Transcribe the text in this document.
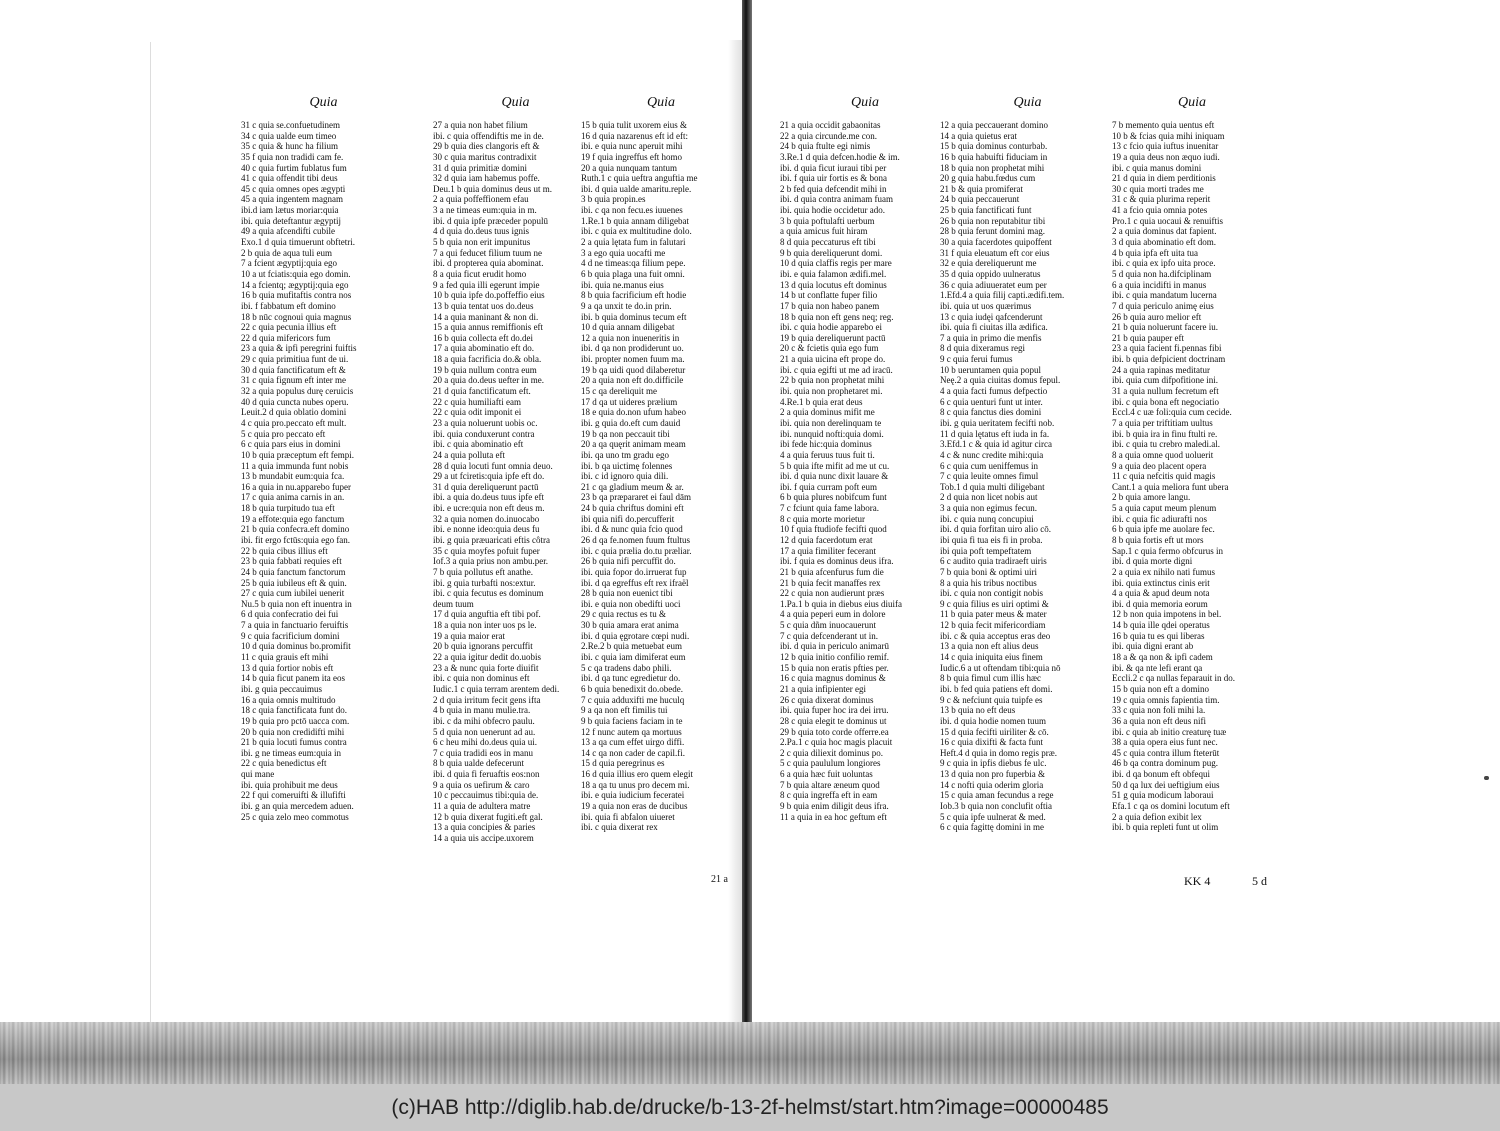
Quia
31 c quia se.confuetudinem
34 c quia ualde eum timeo
35 c quia & hunc ha filium
35 f quia non tradidi cam fe.
40 c quia furtim fublatus fum
41 c quia offendit tibi deus
45 c quia omnes opes ægypti
45 a quia ingentem magnam
ibi.d iam lætus moriar:quia
ibi. quia deteftantur ægyptij
49 a quia afcendifti cubile
Exo.1 d quia timuerunt obftetri.
2 b quia de aqua tuli eum
7 a fcient ægyptij:quia ego
10 a ut fciatis:quia ego domin.
14 a fcientq; ægyptij:quia ego
16 b quia mufitaftis contra nos
ibi. f fabbatum eft domino
18 b nūc cognoui quia magnus
22 c quia pecunia illius eft
22 d quia mifericors fum
23 a quia & ipfi peregrini fuiftis
29 c quia primitiua funt de ui.
30 d quia fanctificatum eft &
31 c quia fignum eft inter me
32 a quia populus durę ceruicis
40 d quia cuncta nubes operu.
Leuit.2 d quia oblatio domini
4 c quia pro.peccato eft mult.
5 c quia pro peccato eft
6 c quia pars eius in domini
10 b quia præceptum eft fempi.
11 a quia immunda funt nobis
13 b mundabit eum:quia fca.
16 a quia in nu.apparebo fuper
17 c quia anima carnis in an.
18 b quia turpitudo tua eft
19 a effote:quia ego fanctum
21 b quia confecra.eft domino
ibi. fit ergo fctūs:quia ego fan.
22 b quia cibus illius eft
23 b quia fabbati requies eft
24 b quia fanctum fanctorum
25 b quia iubileus eft & quin.
27 c quia cum iubilei uenerit
Nu.5 b quia non eft inuentra in
6 d quia confecratio dei fui
7 a quia in fanctuario feruiftis
9 c quia facrificium domini
10 d quia dominus bo.promifit
11 c quia grauis eft mihi
13 d quia fortior nobis eft
14 b quia ficut panem ita eos
ibi. g quia peccauimus
16 a quia omnis multitudo
18 c quia fanctificata funt do.
19 b quia pro pctō uacca com.
20 b quia non credidifti mihi
21 b quia locuti fumus contra
ibi. g ne timeas eum:quia in
22 c quia benedictus eft
qui mane
ibi. quia prohibuit me deus
22 f qui comeruifti & illufifti
ibi. g an quia mercedem aduen.
25 c quia zelo meo commotus
Quia
27 a quia non habet filium
ibi. c quia offendiftis me in de.
29 b quia dies clangoris eft &
30 c quia maritus contradixit
31 d quia primitiæ domini
32 d quia iam habemus poffe.
Deu.1 b quia dominus deus ut m.
2 a quia poffeffionem efau
3 a ne timeas eum:quia in m.
ibi. d quia ipfe præceder populū
4 d quia do.deus tuus ignis
5 b quia non erit impunitus
7 a qui feducet filium tuum ne
ibi. d propterea quia abominat.
8 a quia ficut erudit homo
9 a fed quia illi egerunt impie
10 b quia ipfe do.poffeffio eius
13 b quia tentat uos do.deus
14 a quia maninant & non di.
15 a quia annus remiffionis eft
16 b quia collecta eft do.dei
17 a quia abominatio eft do.
18 a quia facrificia do.& obla.
19 b quia nullum contra eum
20 a quia do.deus uefter in me.
21 d quia fanctificatum eft.
22 c quia humiliafti eam
22 c quia odit imponit ei
23 a quia noluerunt uobis oc.
ibi. quia conduxerunt contra
ibi. c quia abominatio eft
24 a quia polluta eft
28 d quia locuti funt omnia deuo.
29 a ut fciretis:quia ipfe eft do.
31 d quia dereliquerunt pactū
ibi. a quia do.deus tuus ipfe eft
ibi. e ucre:quia non eft deus m.
32 a quia nomen do.inuocabo
ibi. e nonne ideo:quia deus fu
ibi. g quia præuaricati eftis côtra
35 c quia moyfes pofuit fuper
Iof.3 a quia prius non ambu.per.
7 b quia pollutus eft anathe.
ibi. g quia turbafti nos:extur.
ibi. c quia fecutus es dominum
deum tuum
17 d quia anguftia eft tibi pof.
18 a quia non inter uos ps le.
19 a quia maior erat
20 b quia ignorans percuffit
22 a quia igitur dedit do.uobis
23 a & nunc quia forte diuifit
ibi. c quia non dominus eft
Iudic.1 c quia terram arentem dedi.
2 d quia irritum fecit gens ifta
4 b quia in manu mulie.tra.
ibi. c da mihi obfecro paulu.
5 d quia non uenerunt ad au.
6 c heu mihi do.deus quia ui.
7 c quia tradidi eos in manu
8 b quia ualde defecerunt
ibi. d quia fi feruaftis eos:non
9 a quia os uefirum & caro
10 c peccauimus tibi:quia de.
11 a quia de adultera matre
12 b quia dixerat fugiti.eft gal.
13 a quia concipies & paries
14 a quia uis accipe.uxorem
Quia
15 b quia tulit uxorem eius &
16 d quia nazarenus eft id eft:
ibi. e quia nunc aperuit mihi
19 f quia ingreffus eft homo
20 a quia nunquam tantum
Ruth.1 c quia ueftra anguftia me
ibi. d quia ualde amaritu.reple.
3 b quia propin.es
ibi. c qa non fecu.es iuuenes
1.Re.1 b quia annam diligebat
ibi. c quia ex multitudine dolo.
2 a quia lętata fum in falutari
3 a ego quia uocafti me
4 d ne timeas:qa filium pepe.
6 b quia plaga una fuit omni.
ibi. quia ne.manus eius
8 b quia facrificium eft hodie
9 a qa unxit te do.in prin.
ibi. b quia dominus tecum eft
10 d quia annam diligebat
12 a quia non inueneritis in
ibi. d qa non prodiderunt uo.
ibi. propter nomen fuum ma.
19 b qa uidi quod dilaberetur
20 a quia non eft do.difficile
15 c qa dereliquit me
17 d qa ut uideres prælium
18 e quia do.non ufum habeo
ibi. g quia do.eft cum dauid
19 b qa non peccauit tibi
20 a qa quęrit animam meam
ibi. qa uno tm gradu ego
ibi. b qa uictimę folennes
ibi. c id ignoro quia dili.
21 c qa gladium meum & ar.
23 b qa præpararet ei faul dām
24 b quia chriftus domini eft
ibi quia nifi do.percufferit
ibi. d & nunc quia fcio quod
26 d qa fe.nomen fuum ftultus
ibi. c quia prælia do.tu præliar.
26 b quia nifi percuffit do.
ibi. quia fopor do.irruerat fup
ibi. d qa egreffus eft rex ifraël
28 b quia non euenict tibi
ibi. e quia non obedifti uoci
29 c quia rectus es tu &
30 b quia amara erat anima
ibi. d quia ęgrotare cœpi nudi.
2.Re.2 b quia metuebat eum
ibi. c quia iam dimiferat eum
5 c qa tradens dabo phili.
ibi. d qa tunc egredietur do.
6 b quia benedixit do.obede.
7 c quia adduxifti me huculq
9 a qa non eft fimilis tui
9 b quia faciens faciam in te
12 f nunc autem qa mortuus
13 a qa cum effet uirgo diffi.
14 c qa non cader de capil.fi.
15 d quia peregrinus es
16 d quia illius ero quem elegit
18 a qa tu unus pro decem mi.
ibi. e quia iudicium feceratei
19 a quia non eras de ducibus
ibi. quia fi abfalon uiueret
ibi. c quia dixerat rex
21 a
Quia
21 a quia occidit gabaonitas
22 a quia circunde.me con.
24 b quia ftulte egi nimis
3.Re.1 d quia defcen.hodie & im.
ibi. d quia ficut iuraui tibi per
ibi. f quia uir fortis es & bona
2 b fed quia defcendit mihi in
ibi. d quia contra animam fuam
ibi. quia hodie occidetur ado.
3 b quia poftulafti uerbum
a quia amicus fuit hiram
8 d quia peccaturus eft tibi
9 b quia dereliquerunt domi.
10 d quia claffis regis per mare
ibi. e quia falamon ædifi.mel.
13 d quia locutus eft dominus
14 b ut conflatte fuper filio
17 b quia non habeo panem
18 b quia non eft gens neq; reg.
ibi. c quia hodie apparebo ei
19 b quia dereliquerunt pactū
20 c & fcietis quia ego fum
21 a quia uicina eft prope do.
ibi. c quia egifti ut me ad iracū.
22 b quia non prophetat mihi
ibi. quia non prophetaret mi.
4.Re.1 b quia erat deus
2 a quia dominus mifit me
ibi. quia non derelinquam te
ibi. nunquid nofti:quia domi.
ibi fede hic:quia dominus
4 a quia feruus tuus fuit ti.
5 b quia ifte mifit ad me ut cu.
ibi. d quia nunc dixit lauare &
ibi. f quia curram poft eum
6 b quia plures nobifcum funt
7 c fciunt quia fame labora.
8 c quia morte morietur
10 f quia ftudiofe fecifti quod
12 d quia facerdotum erat
17 a quia fimiliter fecerant
ibi. f quia es dominus deus ifra.
21 b quia afcenfurus fum die
21 b quia fecit manaffes rex
22 c quia non audierunt præs
1.Pa.1 b quia in diebus eius diuifa
4 a quia peperi eum in dolore
5 c quia dñm inuocauerunt
7 c quia defcenderant ut in.
ibi. d quia in periculo animarū
12 b quia initio confilio remif.
15 b quia non eratis pfties per.
16 c quia magnus dominus &
21 a quia infipienter egi
26 c quia dixerat dominus
ibi. quia fuper hoc ira dei irru.
28 c quia elegit te dominus ut
29 b quia toto corde offerre.ea
2.Pa.1 c quia hoc magis placuit
2 c quia diliexit dominus po.
5 c quia paululum longiores
6 a quia hæc fuit uoluntas
7 b quia altare æneum quod
8 c quia ingreffa eft in eam
9 b quia enim diligit deus ifra.
11 a quia in ea hoc geftum eft
Quia
12 a quia peccauerant domino
14 a quia quietus erat
15 b quia dominus conturbab.
16 b quia habuifti fiduciam in
18 b quia non prophetat mihi
20 g quia habu.fœdus cum
21 b & quia promiferat
24 b quia peccauerunt
25 b quia fanctificati funt
26 b quia non reputabitur tibi
28 b quia ferunt domini mag.
30 a quia facerdotes quipoffent
31 f quia eleuatum eft cor eius
32 e quia dereliquerunt me
35 d quia oppido uulneratus
36 c quia adiuueratet eum per
1.Efd.4 a quia filij capti.ædifi.tem.
ibi. quia ut uos quærimus
13 c quia iudęi qafcenderunt
ibi. quia fi ciuitas illa ædifica.
7 a quia in primo die menfis
8 d quia dixeramus regi
9 c quia ferui fumus
10 b ueruntamen quia popul
Neę.2 a quia ciuitas domus fepul.
4 a quia facti fumus defpectio
6 c quia uenturi funt ut inter.
8 c quia fanctus dies domini
ibi. g quia ueritatem fecifti nob.
11 d quia lętatus eft iuda in fa.
3.Efd.1 c & quia id agitur circa
4 c & nunc credite mihi:quia
6 c quia cum ueniffemus in
7 c quia leuite omnes fimul
Tob.1 d quia multi diligebant
2 d quia non licet nobis aut
3 a quia non egimus fecun.
ibi. c quia nunq concupiui
ibi. d quia forfitan uiro alio cō.
ibi quia fi tua eis fi in proba.
ibi quia poft tempeftatem
6 c audito quia tradiraeft uiris
7 b quia boni & optimi uiri
8 a quia his tribus noctibus
ibi. c quia non contigit nobis
9 c quia filius es uiri optimi &
11 b quia pater meus & mater
12 b quia fecit mifericordiam
ibi. c & quia acceptus eras deo
13 a quia non eft alius deus
14 c quia iniquita eius finem
Iudic.6 a ut oftendam tibi:quia nō
8 b quia fimul cum illis hæc
ibi. b fed quia patiens eft domi.
9 c & nefciunt quia tuipfe es
13 b quia no eft deus
ibi. d quia hodie nomen tuum
15 d quia fecifti uiriliter & cō.
16 c quia dixifti & facta funt
Heft.4 d quia in domo regis præ.
9 c quia in ipfis diebus fe ulc.
13 d quia non pro fuperbia &
14 c nofti quia oderim gloria
15 c quia aman fecundus a rege
Iob.3 b quia non conclufit oftia
5 c quia ipfe uulnerat & med.
6 c quia fagittę domini in me
Quia
7 b memento quia uentus eft
10 b & fcias quia mihi iniquam
13 c fcio quia iuftus inuenitar
19 a quia deus non æquo iudi.
ibi. c quia manus domini
21 d quia in diem perditionis
30 c quia morti trades me
31 c & quia plurima reperit
41 a fcio quia omnia potes
Pro.1 c quia uocaui & renuiftis
2 a quia dominus dat fapient.
3 d quia abominatio eft dom.
4 b quia ipfa eft uita tua
ibi. c quia ex ipfo uita proce.
5 d quia non ha.difciplinam
6 a quia incidifti in manus
ibi. c quia mandatum lucerna
7 d quia periculo animę eius
26 b quia auro melior eft
21 b quia noluerunt facere iu.
21 b quia pauper eft
23 a quia facient fi.pennas fibi
ibi. b quia defpicient doctrinam
24 a quia rapinas meditatur
ibi. quia cum difpofitione ini.
31 a quia nullum fecretum eft
ibi. c quia bona eft negociatio
Eccl.4 c uæ foli:quia cum cecide.
7 a quia per triftitiam uultus
ibi. b quia ira in finu ftulti re.
ibi. c quia tu crebro maledi.al.
8 a quia omne quod uoluerit
9 a quia deo placent opera
11 c quia nefcitis quid magis
Cant.1 a quia meliora funt ubera
2 b quia amore langu.
5 a quia caput meum plenum
ibi. c quia fic adiurafti nos
6 b quia ipfe me auolare fec.
8 b quia fortis eft ut mors
Sap.1 c quia fermo obfcurus in
ibi. d quia morte digni
2 a quia ex nihilo nati fumus
ibi. quia extinctus cinis erit
4 a quia & apud deum nota
ibi. d quia memoria eorum
12 b non quia impotens in bel.
14 b quia ille qdei operatus
16 b quia tu es qui liberas
ibi. quia digni erant ab
18 a & qa non & ipfi cadem
ibi. & qa nte lefi erant qa
Eccli.2 c qa nullas feparauit in do.
15 b quia non eft a domino
19 c quia omnis fapientia tim.
33 c quia non foli mihi la.
36 a quia non eft deus nifi
ibi. c quia ab initio creaturę tuæ
38 a quia opera eius funt nec.
45 c quia contra illum fteterūt
46 b qa contra dominum pug.
ibi. d qa bonum eft obfequi
50 d qa lux dei ueftigium eius
51 g quia modicum laboraui
Efa.1 c qa os domini locutum eft
2 a quia defion exibit lex
ibi. b quia repleti funt ut olim
KK 4	5 d
(c)HAB http://diglib.hab.de/drucke/b-13-2f-helmst/start.htm?image=00000485
